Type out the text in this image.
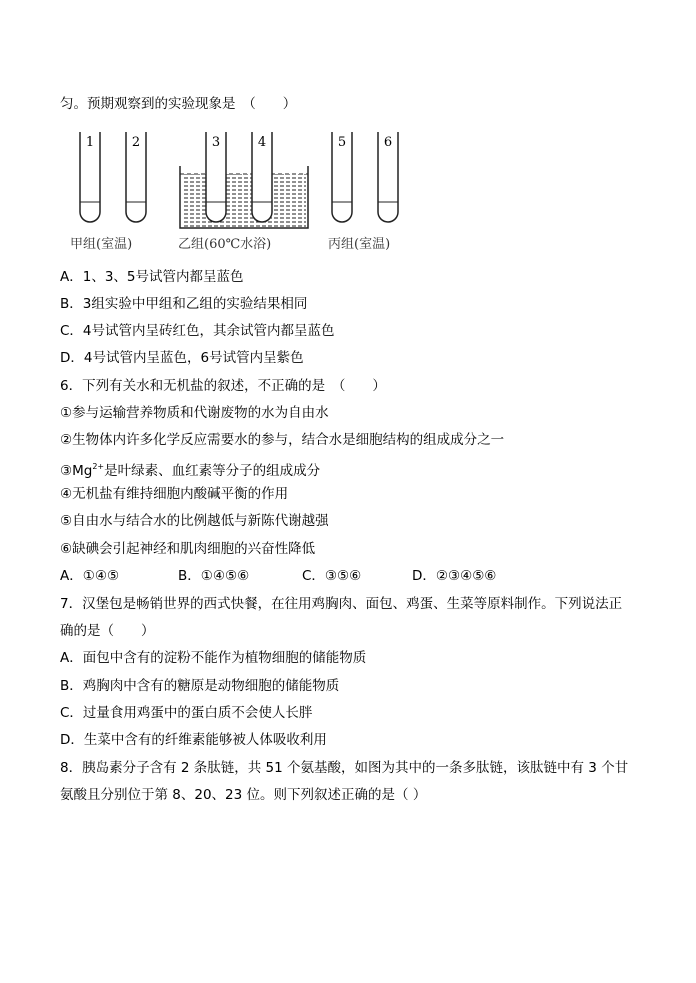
匀。预期观察到的实验现象是　（　　）
1	2	3	4	5	6
甲组(室温)	乙组(60℃水浴)	丙组(室温)
A．1、3、5号试管内都呈蓝色
B．3组实验中甲组和乙组的实验结果相同
C．4号试管内呈砖红色，其余试管内都呈蓝色
D．4号试管内呈蓝色，6号试管内呈紫色
6．下列有关水和无机盐的叙述，不正确的是　（　　）
①参与运输营养物质和代谢废物的水为自由水
②生物体内许多化学反应需要水的参与，结合水是细胞结构的组成成分之一
$③Mg^{2+}$是叶绿素、血红素等分子的组成成分
④无机盐有维持细胞内酸碱平衡的作用
⑤自由水与结合水的比例越低与新陈代谢越强
⑥缺碘会引起神经和肌肉细胞的兴奋性降低
A．①④⑤	B．①④⑤⑥	C．③⑤⑥	D．②③④⑤⑥
7．汉堡包是畅销世界的西式快餐，在往用鸡胸肉、面包、鸡蛋、生菜等原料制作。下列说法正
确的是（　　）
A．面包中含有的淀粉不能作为植物细胞的储能物质
B．鸡胸肉中含有的糖原是动物细胞的储能物质
C．过量食用鸡蛋中的蛋白质不会使人长胖
D．生菜中含有的纤维素能够被人体吸收利用
8．胰岛素分子含有 2 条肽链，共 51 个氨基酸，如图为其中的一条多肽链，该肽链中有 3 个甘
氨酸且分别位于第 8、20、23 位。则下列叙述正确的是（ ）
